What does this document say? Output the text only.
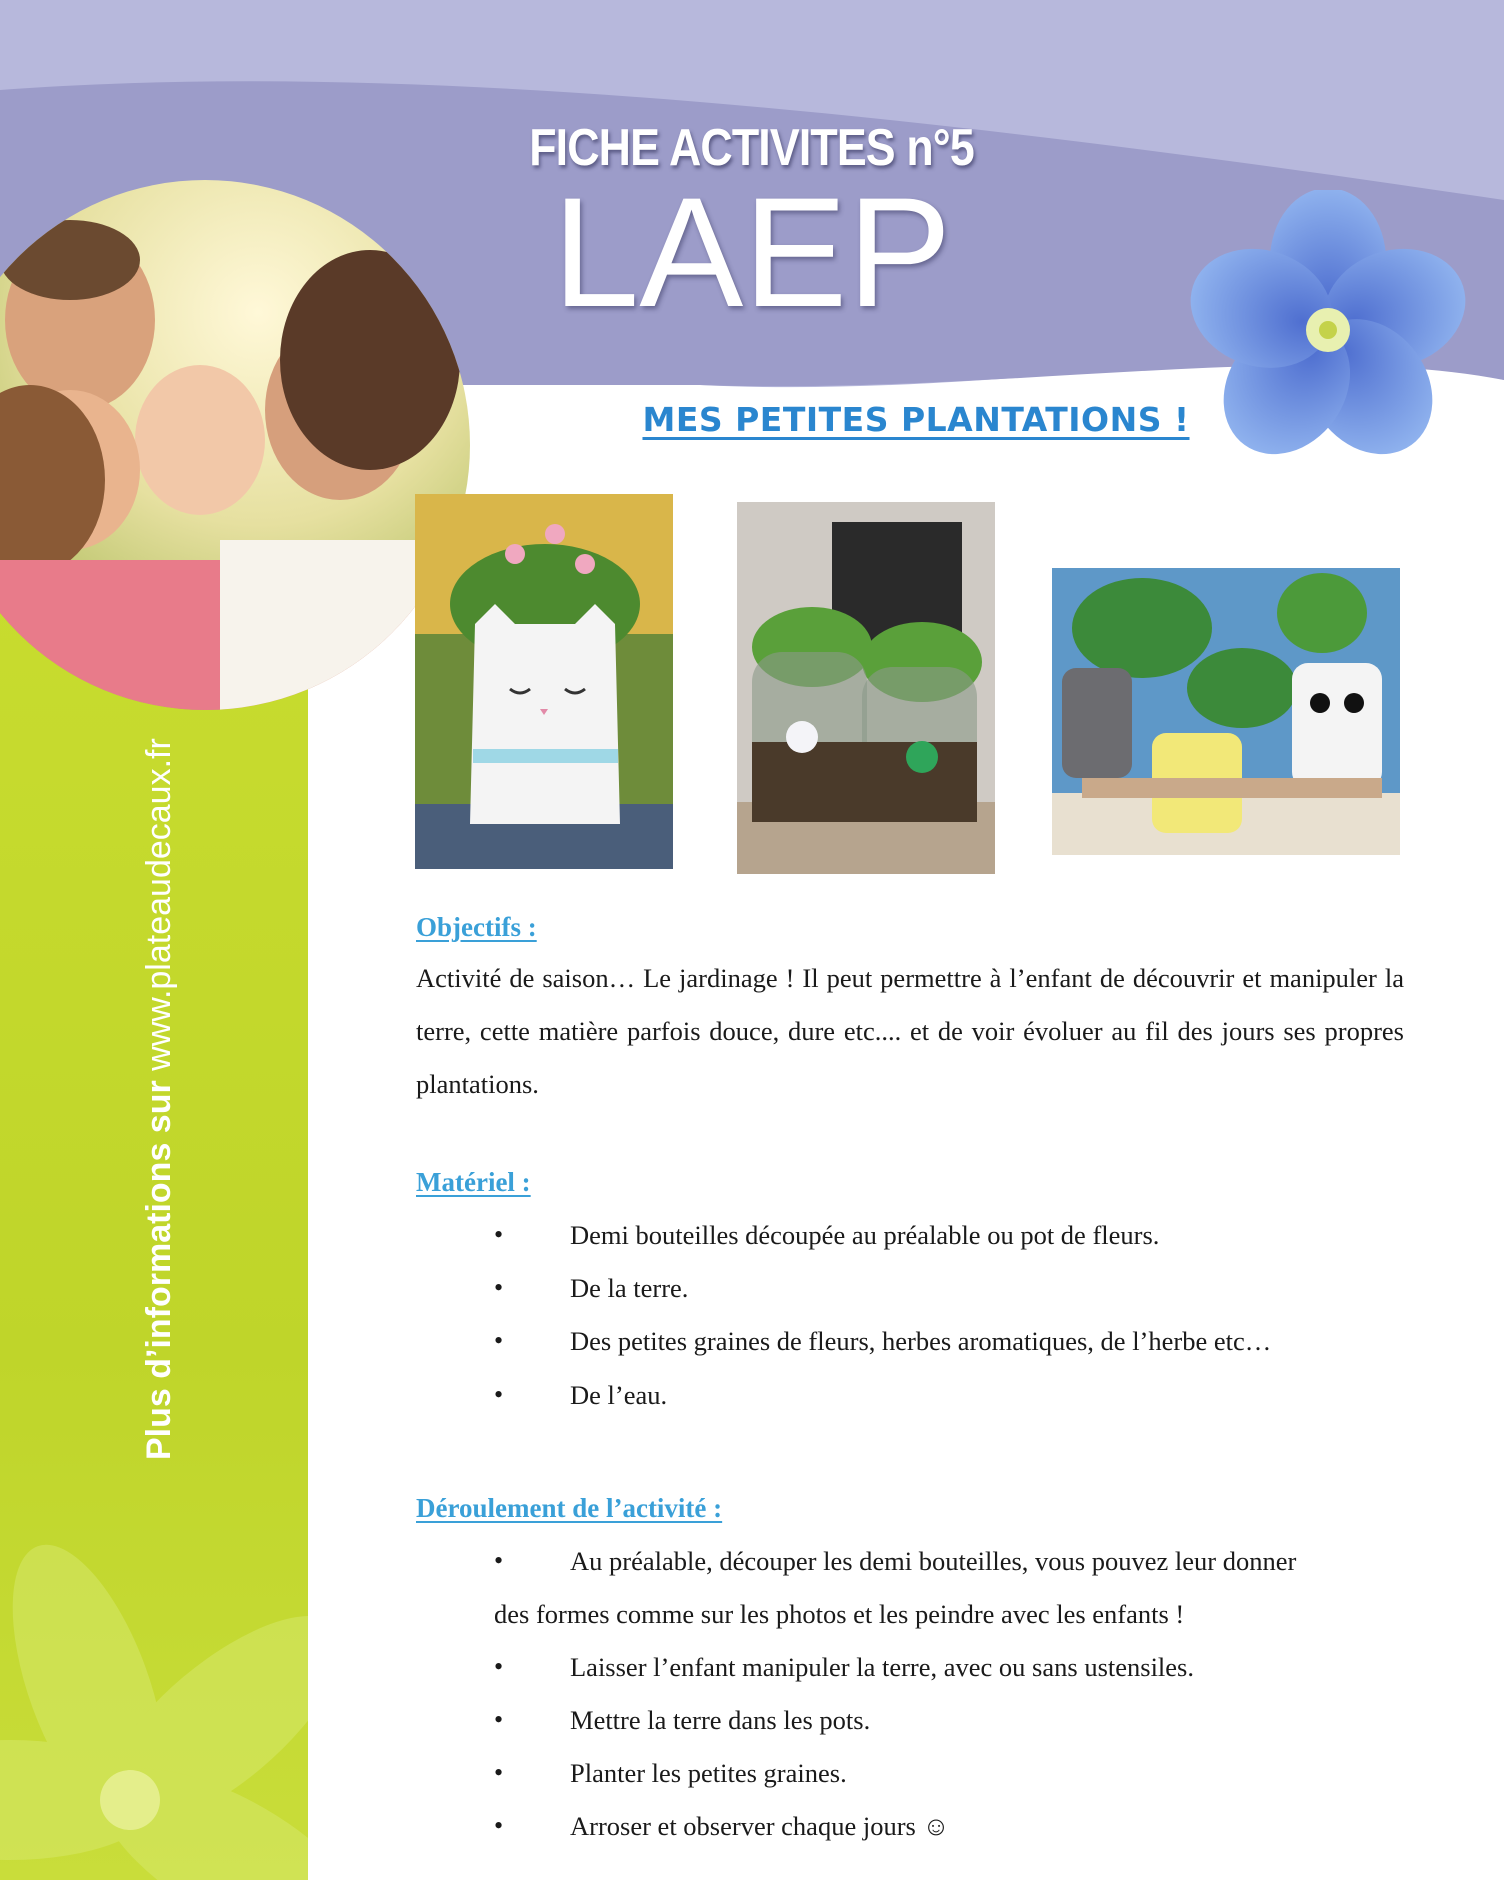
FICHE ACTIVITES n°5
LAEP
Plus d’informations sur www.plateaudecaux.fr
MES PETITES PLANTATIONS !
Objectifs :
Activité de saison… Le jardinage ! Il peut permettre à l’enfant de découvrir et manipuler la terre, cette matière parfois douce, dure etc.... et de voir évoluer au fil des jours ses propres plantations.
Matériel :
•	Demi bouteilles découpée au préalable ou pot de fleurs.
•	De la terre.
•	Des petites graines de fleurs, herbes aromatiques, de l’herbe etc…
•	De l’eau.
Déroulement de l’activité :
•	Au préalable, découper les demi bouteilles, vous pouvez leur donner
des formes comme sur les photos et les peindre avec les enfants !
•	Laisser l’enfant manipuler la terre, avec ou sans ustensiles.
•	Mettre la terre dans les pots.
•	Planter les petites graines.
•	Arroser et observer chaque jours ☺
